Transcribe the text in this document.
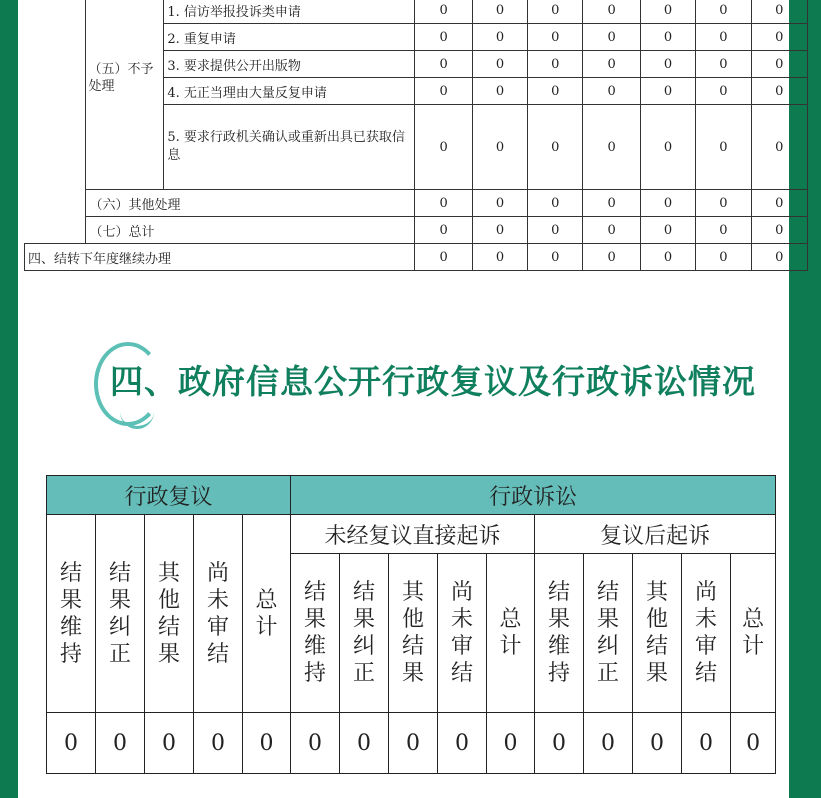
	（五）不予处理	1. 信访举报投诉类申请	0	0	0	0	0	0	0
		2. 重复申请	0	0	0	0	0	0	0
		3. 要求提供公开出版物	0	0	0	0	0	0	0
		4. 无正当理由大量反复申请	0	0	0	0	0	0	0
		5. 要求行政机关确认或重新出具已获取信息	0	0	0	0	0	0	0
	（六）其他处理		0	0	0	0	0	0	0
	（七）总计		0	0	0	0	0	0	0
四、结转下年度继续办理			0	0	0	0	0	0	0
四、政府信息公开行政复议及行政诉讼情况
行政复议					行政诉讼									
结果维持	结果纠正	其他结果	尚未审结	总计	未经复议直接起诉					复议后起诉				
					结果维持	结果纠正	其他结果	尚未审结	总计	结果维持	结果纠正	其他结果	尚未审结	总计
0	0	0	0	0	0	0	0	0	0	0	0	0	0	0
